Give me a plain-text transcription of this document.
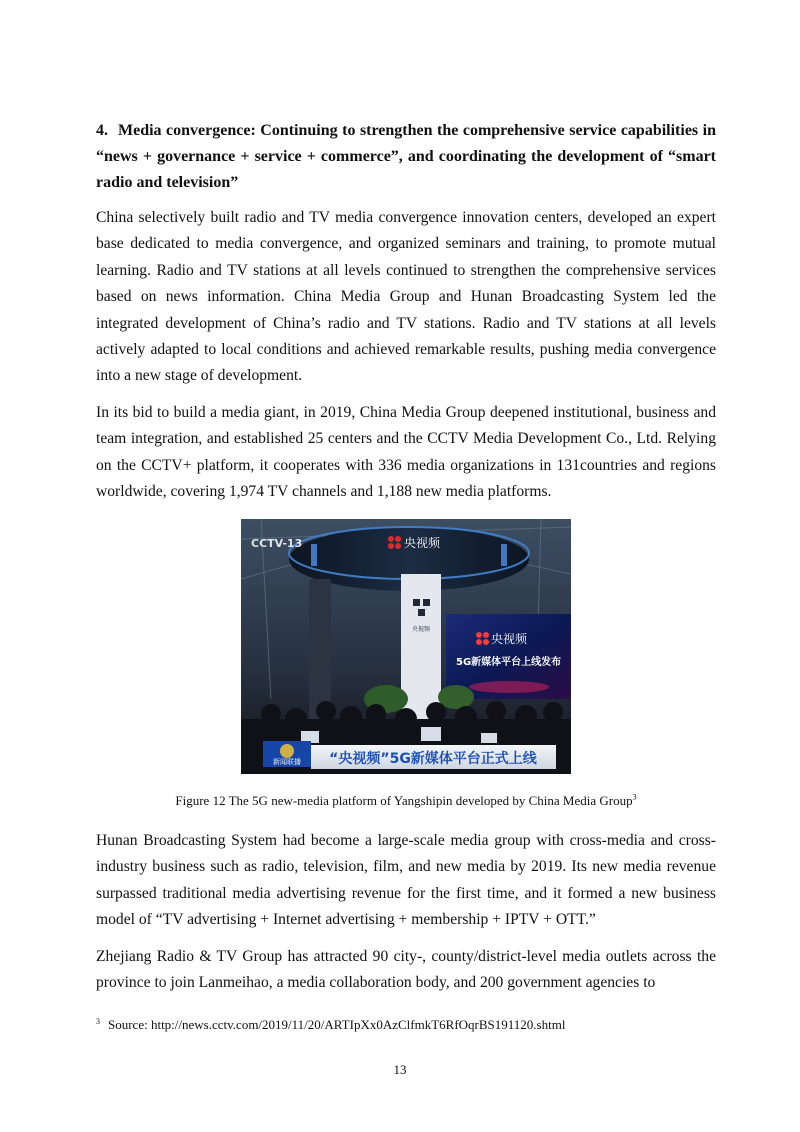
4. Media convergence: Continuing to strengthen the comprehensive service capabilities in “news + governance + service + commerce”, and coordinating the development of “smart radio and television”

China selectively built radio and TV media convergence innovation centers, developed an expert base dedicated to media convergence, and organized seminars and training, to promote mutual learning. Radio and TV stations at all levels continued to strengthen the comprehensive services based on news information. China Media Group and Hunan Broadcasting System led the integrated development of China’s radio and TV stations. Radio and TV stations at all levels actively adapted to local conditions and achieved remarkable results, pushing media convergence into a new stage of development.

In its bid to build a media giant, in 2019, China Media Group deepened institutional, business and team integration, and established 25 centers and the CCTV Media Development Co., Ltd. Relying on the CCTV+ platform, it cooperates with 336 media organizations in 131countries and regions worldwide, covering 1,974 TV channels and 1,188 new media platforms.

央视频
央视频
央视频
5G新媒体平台上线发布
CCTV-13
新闻联播 “央视频”5G新媒体平台正式上线
Figure 12 The 5G new-media platform of Yangshipin developed by China Media Group$^3$

Hunan Broadcasting System had become a large-scale media group with cross-media and cross-industry business such as radio, television, film, and new media by 2019. Its new media revenue surpassed traditional media advertising revenue for the first time, and it formed a new business model of “TV advertising + Internet advertising + membership + IPTV + OTT.”

Zhejiang Radio & TV Group has attracted 90 city-, county/district-level media outlets across the province to join Lanmeihao, a media collaboration body, and 200 government agencies to

$^3$ Source: http://news.cctv.com/2019/11/20/ARTIpXx0AzClfmkT6RfOqrBS191120.shtml
13
